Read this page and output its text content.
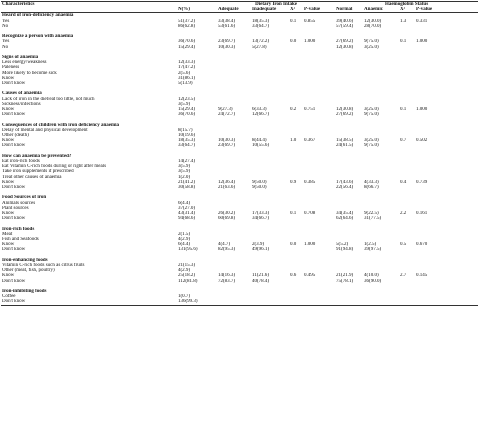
Characteristics		Dietary Iron Intake				Haemoglobin Status			
	N(%)	Adequate	Inadequate	X²	P-value	Normal	Anaemic	X²	P-value
Heard of iron-deficiency anaemia									
Yes	51(37.2)	33(38.4)	18(35.3)	0.1	0.855	39(40.6)	12(30.0)	1.3	0.331
No	86(62.8)	53(61.6)	33(64.7)			57(59.4)	28(70.0)		

Recognize a person with anaemia									
Yes	36(70.6)	23(69.7)	13(72.2)	0.0	1.000	27(69.2)	9(75.0)	0.1	1.000
No	15(29.4)	10(30.3)	5(27.8)			12(30.8)	3(25.0)		

Signs of anaemia									
Less energy/weakness	12(33.3)								
Paleness	17(47.2)								
More likely to become sick	2(5.6)								
Know	31(86.1)								
Don't know	5(13.9)								

Causes of anaemia									
Lack of iron in the diet/eat too little, not much	12(23.5)								
Sickness/infections	3(5.9)								
Know	15(29.4)	9(27.3)	6(33.3)	0.2	0.751	12(30.8)	3(25.0)	0.1	1.000
Don't know	36(70.6)	24(72.7)	12(66.7)			27(69.2)	9(75.0)		

Consequences of children with iron deficiency anaemia									
Delay of mental and physical development	8(15.7)								
Other (death)	10(19.6)								
Know	18(35.3)	10(30.3)	8(44.4)	1.0	0.367	15(38.5)	3(25.0)	0.7	0.502
Don't know	33(64.7)	23(69.7)	10(55.6)			24(61.5)	9(75.0)		

How can anaemia be prevented?									
Eat iron-rich foods	14(27.4)								
Eat Vitamin C-rich foods during or right after meals	3(5.9)								
Take iron supplements if prescribed	3(5.9)								
Treat other causes of anaemia	1(2.0)								
Know	21(41.2)	12(36.4)	9(50.0)	0.9	0.385	17(43.6)	4(33.3)	0.4	0.739
Don't know	30(58.8)	21(63.6)	9(50.0)			22(56.4)	8(66.7)		

Food Sources of iron									
Animals sources	6(4.4)								
Plant sources	37(27.0)								
Know	43(31.4)	26(30.2)	17(33.3)	0.1	0.708	34(35.4)	9(22.5)	2.2	0.161
Don't know	94(68.6)	60(69.8)	34(66.7)			62(64.6)	31(77.5)		

Iron-rich foods									
Meat	2(1.5)								
Fish and Seafoods	4(2.9)								
Know	6(4.4)	4(4.7)	2(3.9)	0.0	1.000	5(5.2)	1(2.5)	0.5	0.670
Don't know	131(95.6)	82(95.3)	49(96.1)			91(94.8)	39(97.5)		

Iron-enhancing foods									
Vitamin C-rich foods such as citrus fruits	21(15.3)								
Other (meat, fish, poultry)	4(2.9)								
Know	25(18.2)	14(16.3)	11(21.6)	0.6	0.495	21(21.9)	4(10.0)	2.7	0.145
Don't know	112(81.8)	72(83.7)	40(78.4)			75(78.1)	36(90.0)		

Iron-inhibiting foods									
Coffee	1(0.7)								
Don't know	136(99.3)								
